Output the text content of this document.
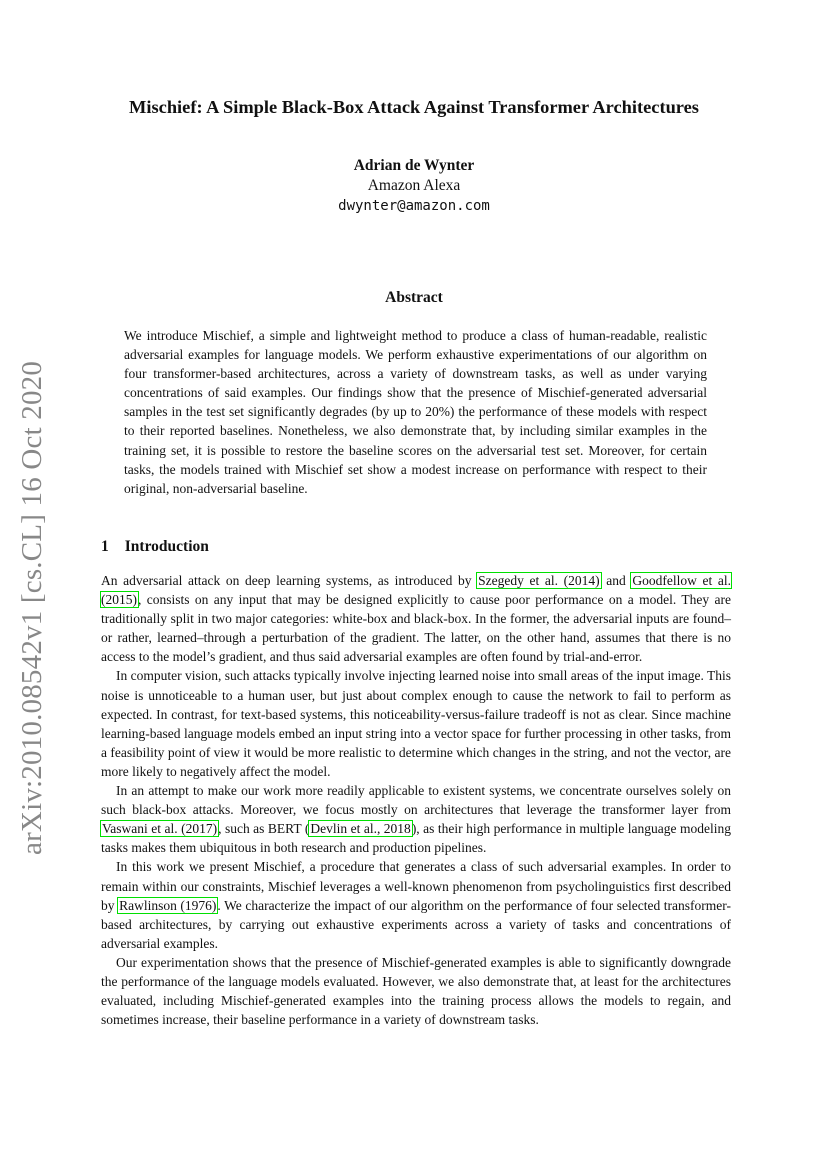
arXiv:2010.08542v1 [cs.CL] 16 Oct 2020
Mischief: A Simple Black-Box Attack Against Transformer Architectures
Adrian de Wynter
Amazon Alexa
dwynter@amazon.com
Abstract

We introduce Mischief, a simple and lightweight method to produce a class of human-readable, realistic adversarial examples for language models. We perform exhaustive experimentations of our algorithm on four transformer-based architectures, across a variety of downstream tasks, as well as under varying concentrations of said examples. Our findings show that the presence of Mischief-generated adversarial samples in the test set significantly degrades (by up to 20%) the performance of these models with respect to their reported baselines. Nonetheless, we also demonstrate that, by including similar examples in the training set, it is possible to restore the baseline scores on the adversarial test set. Moreover, for certain tasks, the models trained with Mischief set show a modest increase on performance with respect to their original, non-adversarial baseline.

1 Introduction

An adversarial attack on deep learning systems, as introduced by Szegedy et al. (2014) and Goodfellow et al. (2015), consists on any input that may be designed explicitly to cause poor performance on a model. They are traditionally split in two major categories: white-box and black-box. In the former, the adversarial inputs are found–or rather, learned–through a perturbation of the gradient. The latter, on the other hand, assumes that there is no access to the model’s gradient, and thus said adversarial examples are often found by trial-and-error.

In computer vision, such attacks typically involve injecting learned noise into small areas of the input image. This noise is unnoticeable to a human user, but just about complex enough to cause the network to fail to perform as expected. In contrast, for text-based systems, this noticeability-versus-failure tradeoff is not as clear. Since machine learning-based language models embed an input string into a vector space for further processing in other tasks, from a feasibility point of view it would be more realistic to determine which changes in the string, and not the vector, are more likely to negatively affect the model.

In an attempt to make our work more readily applicable to existent systems, we concentrate ourselves solely on such black-box attacks. Moreover, we focus mostly on architectures that leverage the transformer layer from Vaswani et al. (2017), such as BERT (Devlin et al., 2018), as their high performance in multiple language modeling tasks makes them ubiquitous in both research and production pipelines.

In this work we present Mischief, a procedure that generates a class of such adversarial examples. In order to remain within our constraints, Mischief leverages a well-known phenomenon from psycholinguistics first described by Rawlinson (1976). We characterize the impact of our algorithm on the performance of four selected transformer-based architectures, by carrying out exhaustive experiments across a variety of tasks and concentrations of adversarial examples.

Our experimentation shows that the presence of Mischief-generated examples is able to significantly downgrade the performance of the language models evaluated. However, we also demonstrate that, at least for the architectures evaluated, including Mischief-generated examples into the training process allows the models to regain, and sometimes increase, their baseline performance in a variety of downstream tasks.
